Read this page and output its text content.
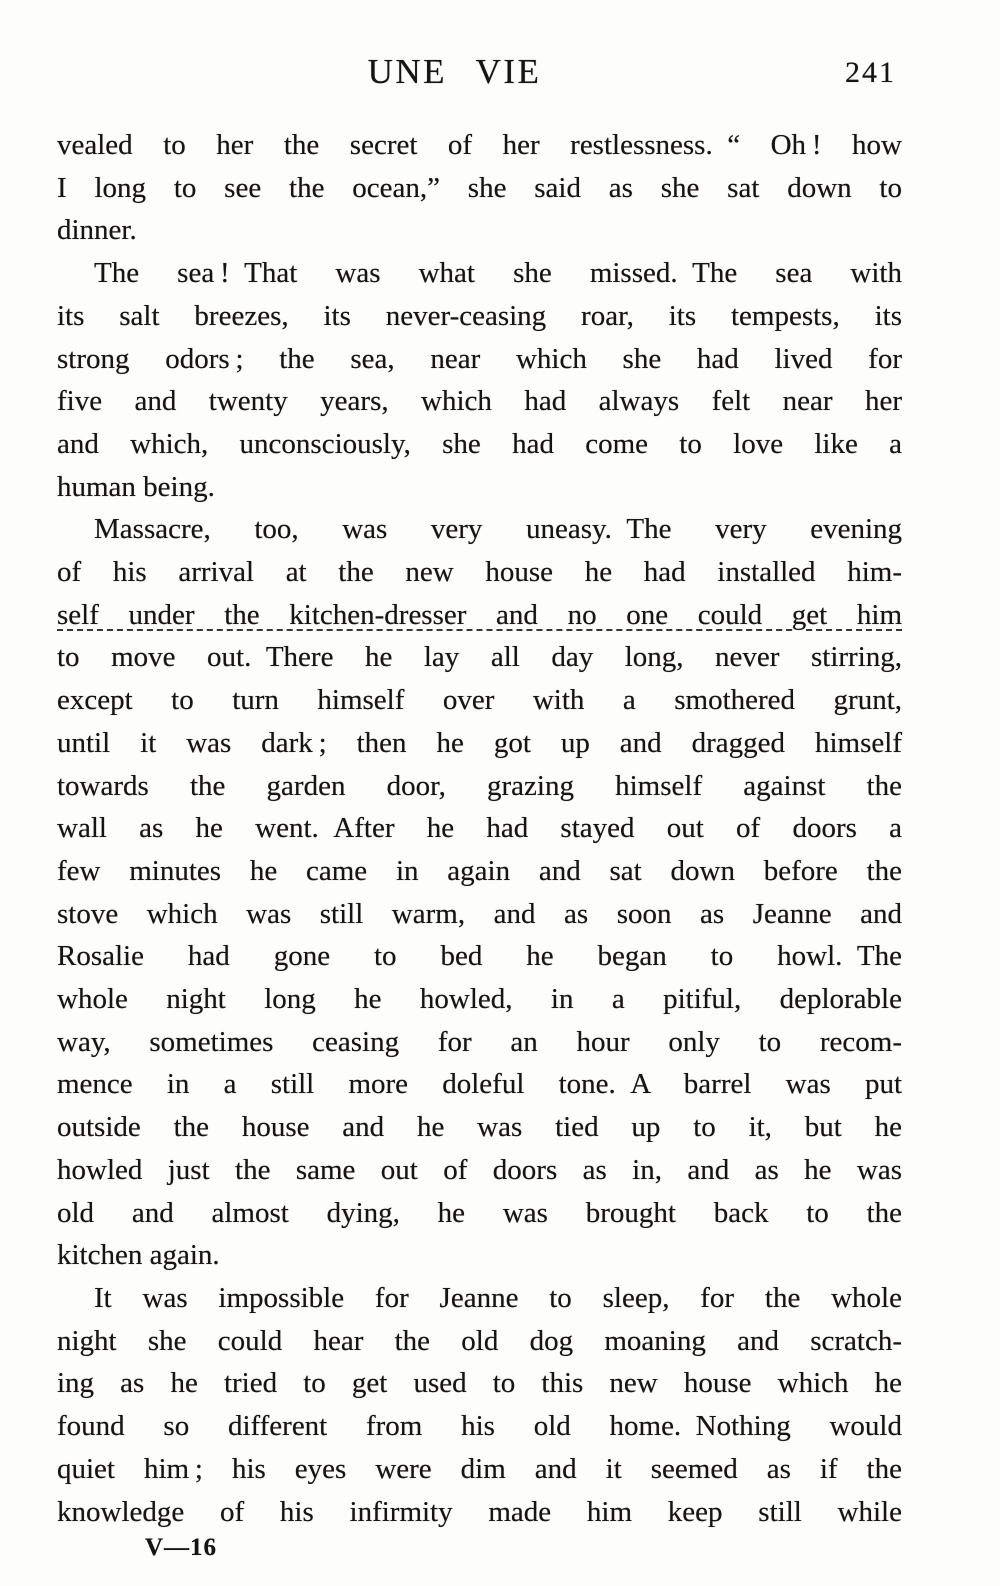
UNE VIE	241
vealed to her the secret of her restlessness. “ Oh ! how
I long to see the ocean,” she said as she sat down to
dinner.
The sea ! That was what she missed. The sea with
its salt breezes, its never-ceasing roar, its tempests, its
strong odors ; the sea, near which she had lived for
five and twenty years, which had always felt near her
and which, unconsciously, she had come to love like a
human being.
Massacre, too, was very uneasy. The very evening
of his arrival at the new house he had installed him-
self under the kitchen-dresser and no one could get him
to move out. There he lay all day long, never stirring,
except to turn himself over with a smothered grunt,
until it was dark ; then he got up and dragged himself
towards the garden door, grazing himself against the
wall as he went. After he had stayed out of doors a
few minutes he came in again and sat down before the
stove which was still warm, and as soon as Jeanne and
Rosalie had gone to bed he began to howl. The
whole night long he howled, in a pitiful, deplorable
way, sometimes ceasing for an hour only to recom-
mence in a still more doleful tone. A barrel was put
outside the house and he was tied up to it, but he
howled just the same out of doors as in, and as he was
old and almost dying, he was brought back to the
kitchen again.
It was impossible for Jeanne to sleep, for the whole
night she could hear the old dog moaning and scratch-
ing as he tried to get used to this new house which he
found so different from his old home. Nothing would
quiet him ; his eyes were dim and it seemed as if the
knowledge of his infirmity made him keep still while
V—16
